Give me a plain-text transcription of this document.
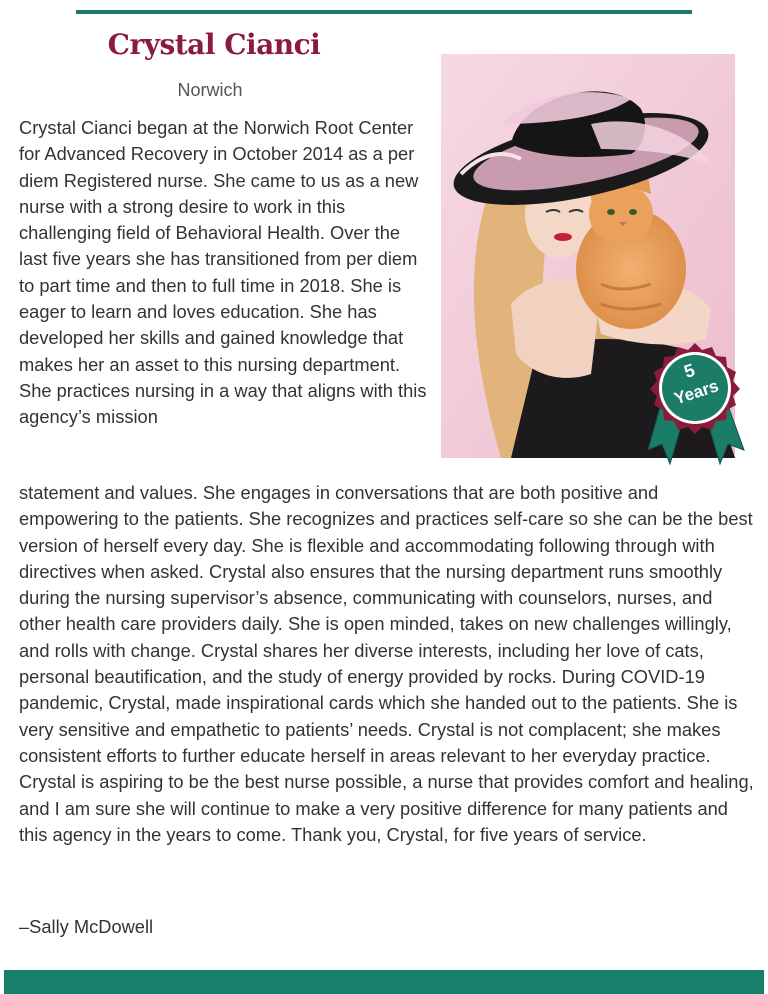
Crystal Cianci
Norwich

Crystal Cianci began at the Norwich Root Center for Advanced Recovery in October 2014 as a per diem Registered nurse. She came to us as a new nurse with a strong desire to work in this challenging field of Behavioral Health. Over the last five years she has transitioned from per diem to part time and then to full time in 2018. She is eager to learn and loves education. She has developed her skills and gained knowledge that makes her an asset to this nursing department. She practices nursing in a way that aligns with this agency’s mission

5
Years

statement and values. She engages in conversations that are both positive and empowering to the patients. She recognizes and practices self-care so she can be the best version of herself every day. She is flexible and accommodating following through with directives when asked. Crystal also ensures that the nursing department runs smoothly during the nursing supervisor’s absence, communicating with counselors, nurses, and other health care providers daily. She is open minded, takes on new challenges willingly, and rolls with change. Crystal shares her diverse interests, including her love of cats, personal beautification, and the study of energy provided by rocks. During COVID-19 pandemic, Crystal, made inspirational cards which she handed out to the patients. She is very sensitive and empathetic to patients’ needs. Crystal is not complacent; she makes consistent efforts to further educate herself in areas relevant to her everyday practice. Crystal is aspiring to be the best nurse possible, a nurse that provides comfort and healing, and I am sure she will continue to make a very positive difference for many patients and this agency in the years to come. Thank you, Crystal, for five years of service.

–Sally McDowell
